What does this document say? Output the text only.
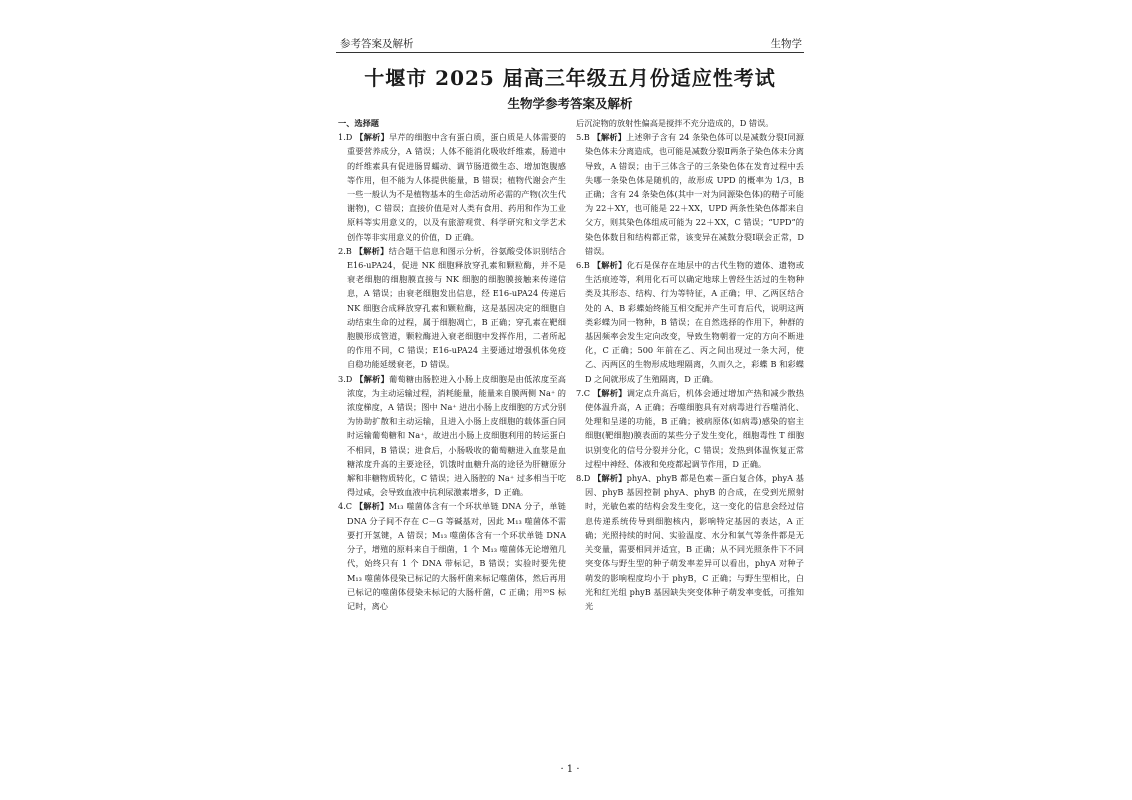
参考答案及解析	生物学
十堰市 2025 届高三年级五月份适应性考试
生物学参考答案及解析
一、选择题

1.D 【解析】早芹的细胞中含有蛋白质，蛋白质是人体需要的重要营养成分，A 错误；人体不能消化吸收纤维素，肠道中的纤维素具有促进肠胃蠕动、调节肠道微生态、增加饱腹感等作用，但不能为人体提供能量，B 错误；植物代谢会产生一些一般认为不是植物基本的生命活动所必需的产物(次生代谢物)，C 错误；直接价值是对人类有食用、药用和作为工业原料等实用意义的，以及有旅游观赏、科学研究和文学艺术创作等非实用意义的价值，D 正确。

2.B 【解析】结合题干信息和图示分析，谷氨酸受体识别结合 E16-uPA24，促进 NK 细胞释放穿孔素和颗粒酶，并不是衰老细胞的细胞膜直接与 NK 细胞的细胞膜接触来传递信息，A 错误；由衰老细胞发出信息，经 E16-uPA24 传递后 NK 细胞合成释放穿孔素和颗粒酶，这是基因决定的细胞自动结束生命的过程，属于细胞凋亡，B 正确；穿孔素在靶细胞膜形成管道，颗粒酶进入衰老细胞中发挥作用，二者所起的作用不同，C 错误；E16-uPA24 主要通过增强机体免疫自稳功能延缓衰老，D 错误。

3.D 【解析】葡萄糖由肠腔进入小肠上皮细胞是由低浓度至高浓度，为主动运输过程，消耗能量，能量来自膜两侧 Na⁺ 的浓度梯度，A 错误；图中 Na⁺ 进出小肠上皮细胞的方式分别为协助扩散和主动运输，且进入小肠上皮细胞的载体蛋白同时运输葡萄糖和 Na⁺，故进出小肠上皮细胞利用的转运蛋白不相同，B 错误；进食后，小肠吸收的葡萄糖进入血浆是血糖浓度升高的主要途径，饥饿时血糖升高的途径为肝糖原分解和非糖物质转化，C 错误；进入肠腔的 Na⁺ 过多相当于吃得过咸，会导致血液中抗利尿激素增多，D 正确。

4.C 【解析】M₁₃ 噬菌体含有一个环状单链 DNA 分子，单链 DNA 分子间不存在 C－G 等碱基对，因此 M₁₃ 噬菌体不需要打开氢键，A 错误；M₁₃ 噬菌体含有一个环状单链 DNA 分子，增殖的原料来自于细菌，1 个 M₁₃ 噬菌体无论增殖几代，始终只有 1 个 DNA 带标记，B 错误；实验时要先使 M₁₃ 噬菌体侵染已标记的大肠杆菌来标记噬菌体，然后再用已标记的噬菌体侵染未标记的大肠杆菌，C 正确；用³⁵S 标记时，离心

后沉淀物的放射性偏高是搅拌不充分造成的，D 错误。

5.B 【解析】上述卵子含有 24 条染色体可以是减数分裂Ⅰ同源染色体未分离造成，也可能是减数分裂Ⅱ两条子染色体未分离导致，A 错误；由于三体含子的三条染色体在发育过程中丢失哪一条染色体是随机的，故形成 UPD 的概率为 1/3，B 正确；含有 24 条染色体(其中一对为同源染色体)的精子可能为 22＋XY，也可能是 22＋XX，UPD 两条性染色体都来自父方，则其染色体组成可能为 22＋XX，C 错误；“UPD”的染色体数目和结构都正常，该变异在减数分裂Ⅰ联会正常，D 错误。

6.B 【解析】化石是保存在地层中的古代生物的遗体、遗物或生活痕迹等，利用化石可以确定地球上曾经生活过的生物种类及其形态、结构、行为等特征，A 正确；甲、乙两区结合处的 A、B 彩蝶始终能互相交配并产生可育后代，说明这两类彩蝶为同一物种，B 错误；在自然选择的作用下，种群的基因频率会发生定向改变，导致生物朝着一定的方向不断进化，C 正确；500 年前在乙、丙之间出现过一条大河，使乙、丙两区的生物形成地理隔离，久而久之，彩蝶 B 和彩蝶 D 之间就形成了生殖隔离，D 正确。

7.C 【解析】调定点升高后，机体会通过增加产热和减少散热使体温升高，A 正确；吞噬细胞具有对病毒进行吞噬消化、处理和呈递的功能，B 正确；被病原体(如病毒)感染的宿主细胞(靶细胞)膜表面的某些分子发生变化，细胞毒性 T 细胞识别变化的信号分裂并分化，C 错误；发热到体温恢复正常过程中神经、体液和免疫都起调节作用，D 正确。

8.D 【解析】phyA、phyB 都是色素－蛋白复合体，phyA 基因、phyB 基因控制 phyA、phyB 的合成，在受到光照射时，光敏色素的结构会发生变化，这一变化的信息会经过信息传递系统传导到细胞核内，影响特定基因的表达，A 正确；光照持续的时间、实验温度、水分和氧气等条件都是无关变量，需要相同并适宜，B 正确；从不同光照条件下不同突变体与野生型的种子萌发率差异可以看出，phyA 对种子萌发的影响程度均小于 phyB，C 正确；与野生型相比，白光和红光组 phyB 基因缺失突变体种子萌发率变低，可推知光

· 1 ·
